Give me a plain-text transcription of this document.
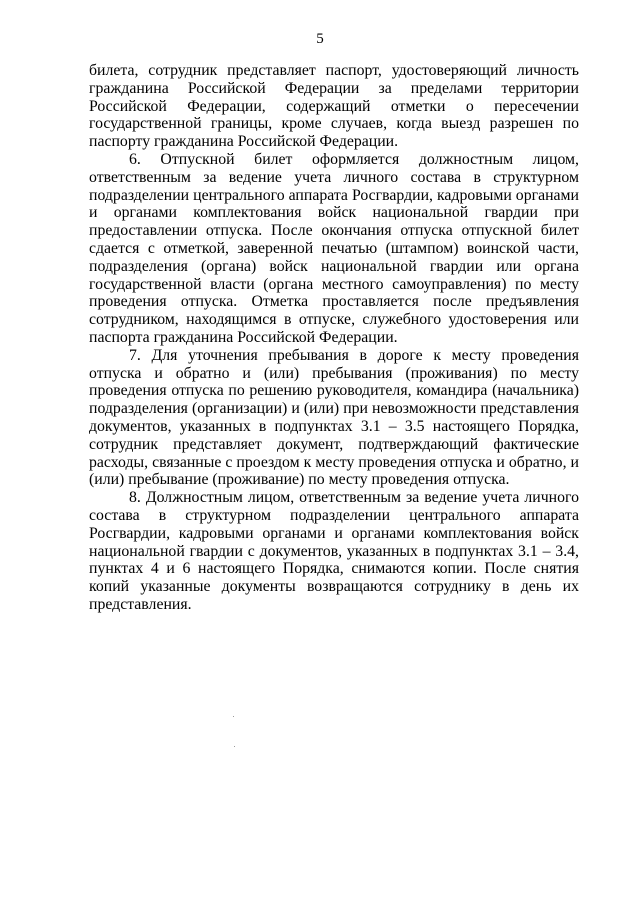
5

билета, сотрудник представляет паспорт, удостоверяющий личность гражданина Российской Федерации за пределами территории Российской Федерации, содержащий отметки о пересечении государственной границы, кроме случаев, когда выезд разрешен по паспорту гражданина Российской Федерации.

6. Отпускной билет оформляется должностным лицом, ответственным за ведение учета личного состава в структурном подразделении центрального аппарата Росгвардии, кадровыми органами и органами комплектования войск национальной гвардии при предоставлении отпуска. После окончания отпуска отпускной билет сдается с отметкой, заверенной печатью (штампом) воинской части, подразделения (органа) войск национальной гвардии или органа государственной власти (органа местного самоуправления) по месту проведения отпуска. Отметка проставляется после предъявления сотрудником, находящимся в отпуске, служебного удостоверения или паспорта гражданина Российской Федерации.

7. Для уточнения пребывания в дороге к месту проведения отпуска и обратно и (или) пребывания (проживания) по месту проведения отпуска по решению руководителя, командира (начальника) подразделения (организации) и (или) при невозможности представления документов, указанных в подпунктах 3.1 – 3.5 настоящего Порядка, сотрудник представляет документ, подтверждающий фактические расходы, связанные с проездом к месту проведения отпуска и обратно, и (или) пребывание (проживание) по месту проведения отпуска.

8. Должностным лицом, ответственным за ведение учета личного состава в структурном подразделении центрального аппарата Росгвардии, кадровыми органами и органами комплектования войск национальной гвардии с документов, указанных в подпунктах 3.1 – 3.4, пунктах 4 и 6 настоящего Порядка, снимаются копии. После снятия копий указанные документы возвращаются сотруднику в день их представления.
